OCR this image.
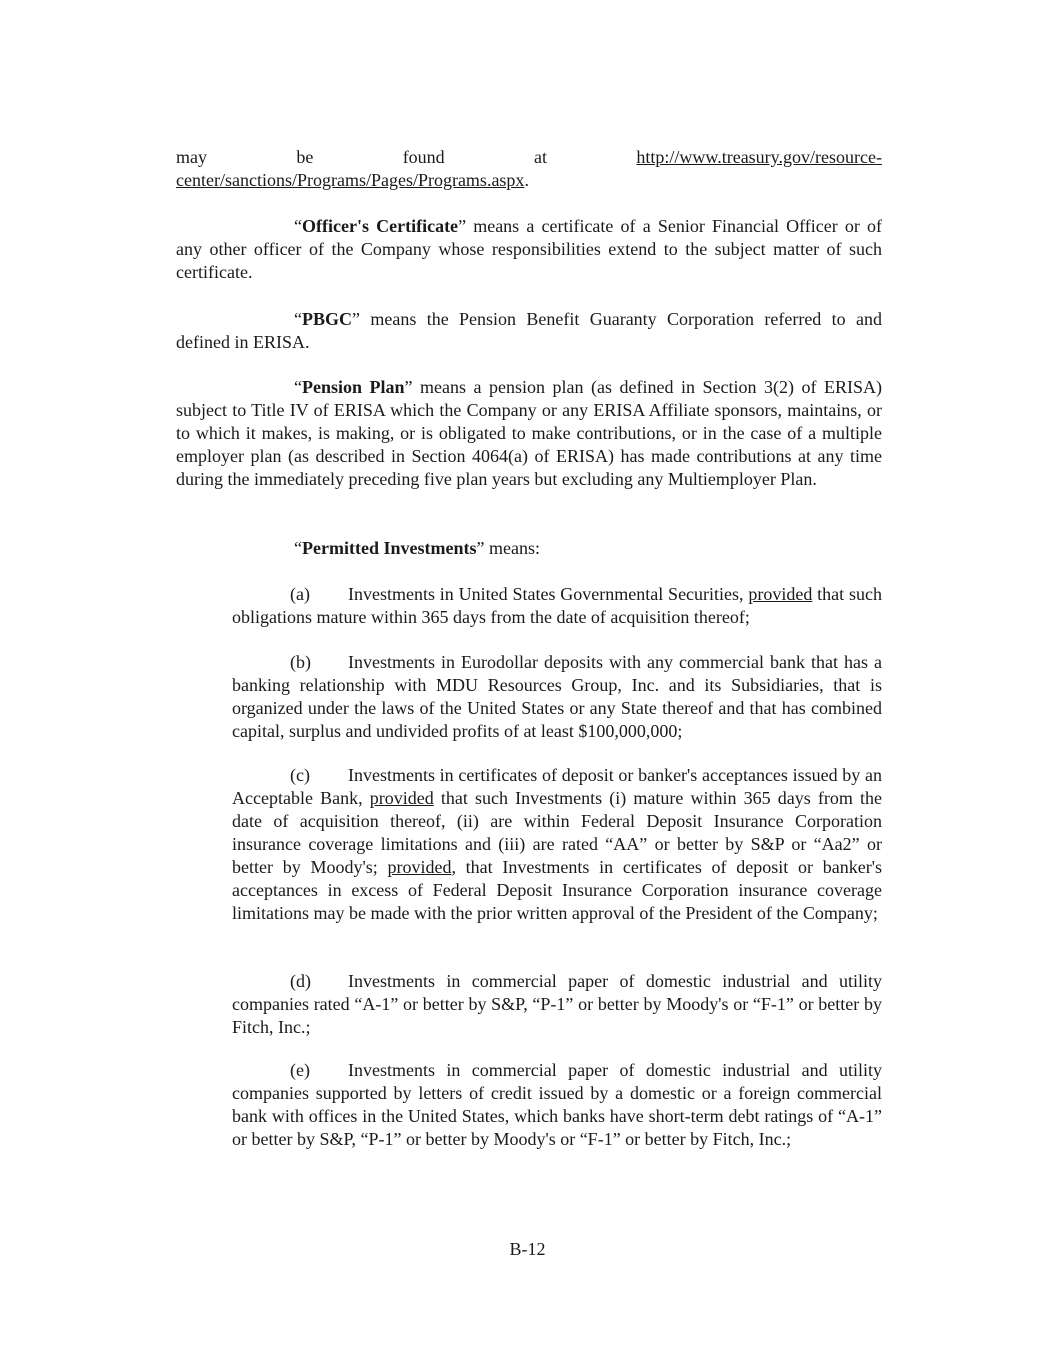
may	be	found	at	http://www.treasury.gov/resource-
center/sanctions/Programs/Pages/Programs.aspx.

“Officer's Certificate” means a certificate of a Senior Financial Officer or of any other officer of the Company whose responsibilities extend to the subject matter of such certificate.

“PBGC” means the Pension Benefit Guaranty Corporation referred to and defined in ERISA.

“Pension Plan” means a pension plan (as defined in Section 3(2) of ERISA) subject to Title IV of ERISA which the Company or any ERISA Affiliate sponsors, maintains, or to which it makes, is making, or is obligated to make contributions, or in the case of a multiple employer plan (as described in Section 4064(a) of ERISA) has made contributions at any time during the immediately preceding five plan years but excluding any Multiemployer Plan.

“Permitted Investments” means:

(a) Investments in United States Governmental Securities, provided that such obligations mature within 365 days from the date of acquisition thereof;

(b) Investments in Eurodollar deposits with any commercial bank that has a banking relationship with MDU Resources Group, Inc. and its Subsidiaries, that is organized under the laws of the United States or any State thereof and that has combined capital, surplus and undivided profits of at least $100,000,000;

(c) Investments in certificates of deposit or banker's acceptances issued by an Acceptable Bank, provided that such Investments (i) mature within 365 days from the date of acquisition thereof, (ii) are within Federal Deposit Insurance Corporation insurance coverage limitations and (iii) are rated “AA” or better by S&P or “Aa2” or better by Moody's; provided, that Investments in certificates of deposit or banker's acceptances in excess of Federal Deposit Insurance Corporation insurance coverage limitations may be made with the prior written approval of the President of the Company;

(d) Investments in commercial paper of domestic industrial and utility companies rated “A-1” or better by S&P, “P-1” or better by Moody's or “F-1” or better by Fitch, Inc.;

(e) Investments in commercial paper of domestic industrial and utility companies supported by letters of credit issued by a domestic or a foreign commercial bank with offices in the United States, which banks have short-term debt ratings of “A-1” or better by S&P, “P-1” or better by Moody's or “F-1” or better by Fitch, Inc.;

B-12
